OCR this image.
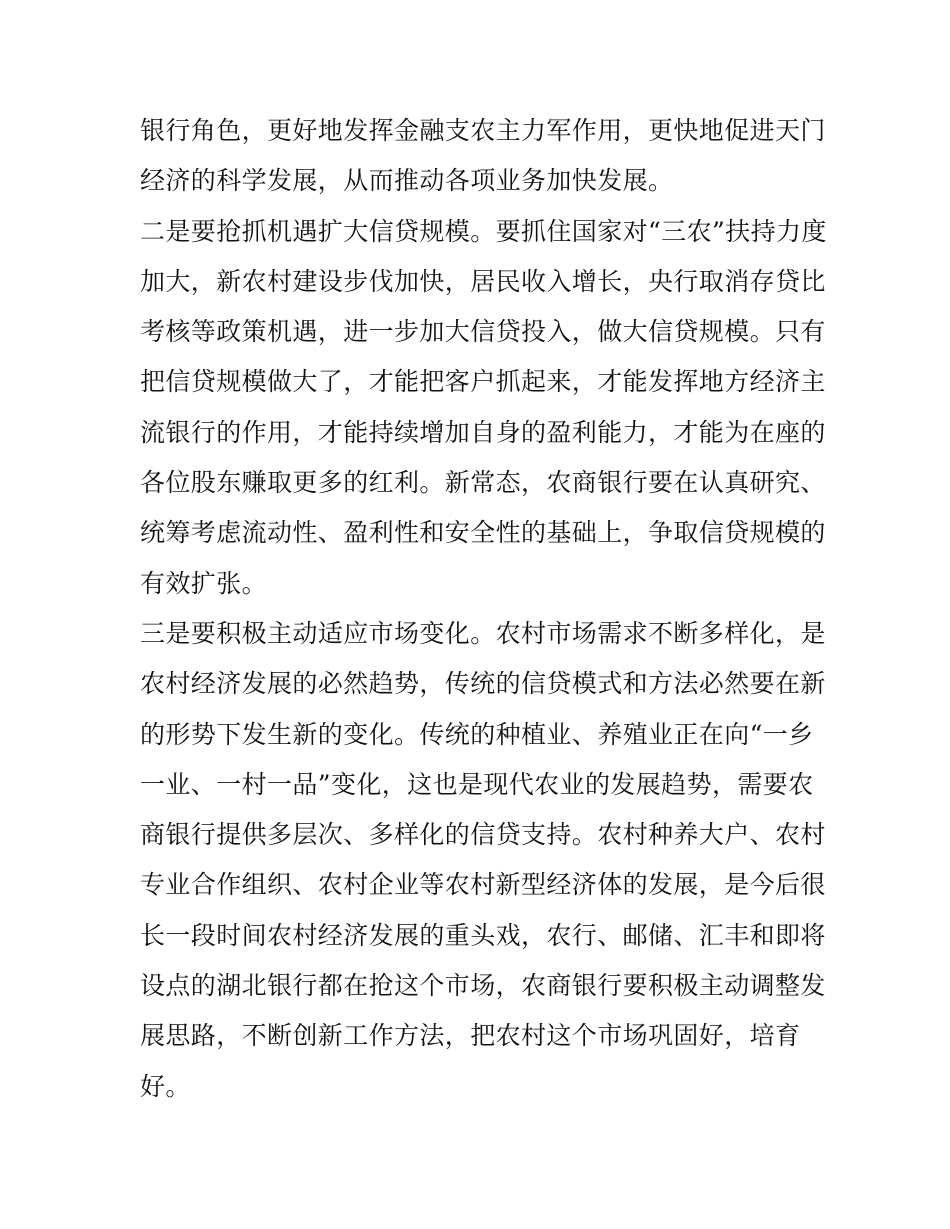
银行角色，更好地发挥金融支农主力军作用，更快地促进天门
经济的科学发展，从而推动各项业务加快发展。
二是要抢抓机遇扩大信贷规模。要抓住国家对“三农”扶持力度
加大，新农村建设步伐加快，居民收入增长，央行取消存贷比
考核等政策机遇，进一步加大信贷投入，做大信贷规模。只有
把信贷规模做大了，才能把客户抓起来，才能发挥地方经济主
流银行的作用，才能持续增加自身的盈利能力，才能为在座的
各位股东赚取更多的红利。新常态，农商银行要在认真研究、
统筹考虑流动性、盈利性和安全性的基础上，争取信贷规模的
有效扩张。
三是要积极主动适应市场变化。农村市场需求不断多样化，是
农村经济发展的必然趋势，传统的信贷模式和方法必然要在新
的形势下发生新的变化。传统的种植业、养殖业正在向“一乡
一业、一村一品”变化，这也是现代农业的发展趋势，需要农
商银行提供多层次、多样化的信贷支持。农村种养大户、农村
专业合作组织、农村企业等农村新型经济体的发展，是今后很
长一段时间农村经济发展的重头戏，农行、邮储、汇丰和即将
设点的湖北银行都在抢这个市场，农商银行要积极主动调整发
展思路，不断创新工作方法，把农村这个市场巩固好，培育
好。
